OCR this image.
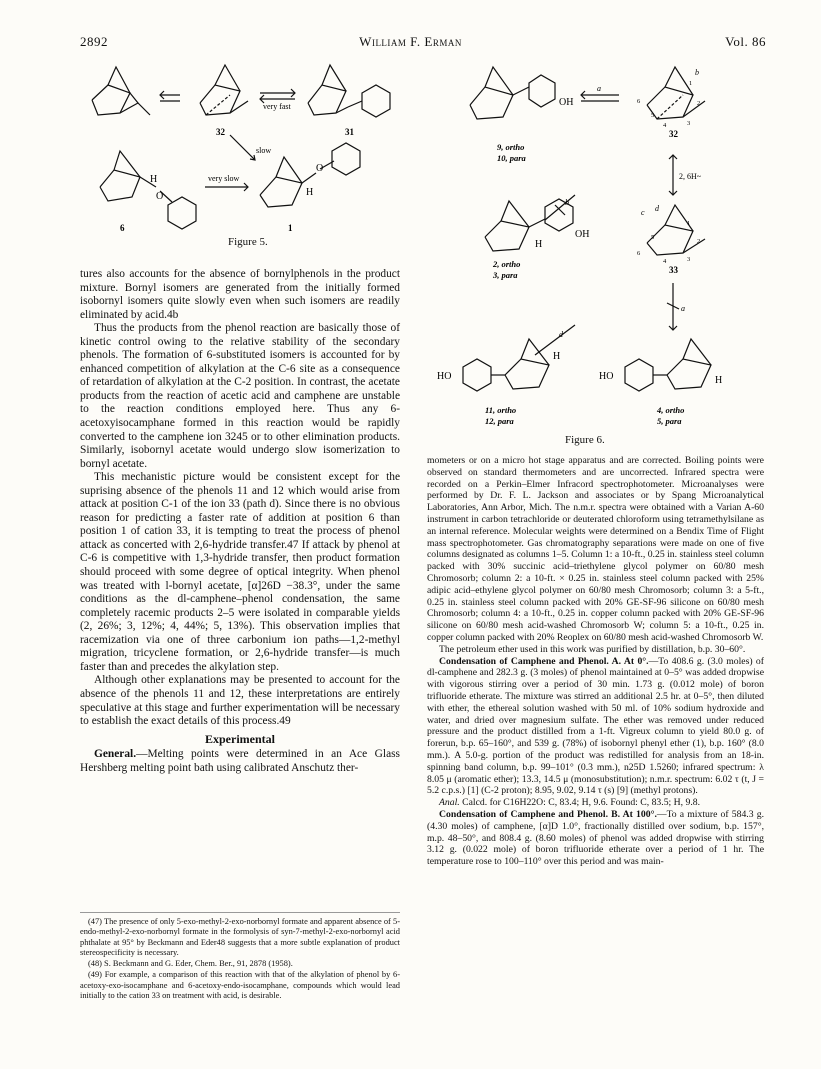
2892	William F. Erman	Vol. 86
32	31
6	1
very fast
slow
very slow
H
O	H
O
Figure 5.
9, ortho
10, para
32
2, ortho
3, para	33
11, ortho
12, para
4, ortho
5, para
a
b
2, 6H~
c d
a
b
d
OH
OH
H
HO
H
HO	H
6
1
2
3
4
5
2
1
3
4
6
5
Figure 6.

tures also accounts for the absence of bornylphenols in the product mixture. Bornyl isomers are generated from the initially formed isobornyl isomers quite slowly even when such isomers are readily eliminated by acid.4b

Thus the products from the phenol reaction are basically those of kinetic control owing to the relative stability of the secondary phenols. The formation of 6-substituted isomers is accounted for by enhanced competition of alkylation at the C-6 site as a consequence of retardation of alkylation at the C-2 position. In contrast, the acetate products from the reaction of acetic acid and camphene are unstable to the reaction conditions employed here. Thus any 6-acetoxyisocamphane formed in this reaction would be rapidly converted to the camphene ion 3245 or to other elimination products. Similarly, isobornyl acetate would undergo slow isomerization to bornyl acetate.

This mechanistic picture would be consistent except for the suprising absence of the phenols 11 and 12 which would arise from attack at position C-1 of the ion 33 (path d). Since there is no obvious reason for predicting a faster rate of addition at position 6 than position 1 of cation 33, it is tempting to treat the process of phenol attack as concerted with 2,6-hydride transfer.47 If attack by phenol at C-6 is competitive with 1,3-hydride transfer, then product formation should proceed with some degree of optical integrity. When phenol was treated with l-bornyl acetate, [α]26D −38.3°, under the same conditions as the dl-camphene–phenol condensation, the same completely racemic products 2–5 were isolated in comparable yields (2, 26%; 3, 12%; 4, 44%; 5, 13%). This observation implies that racemization via one of three carbonium ion paths—1,2-methyl migration, tricyclene formation, or 2,6-hydride transfer—is much faster than and precedes the alkylation step.

Although other explanations may be presented to account for the absence of the phenols 11 and 12, these interpretations are entirely speculative at this stage and further experimentation will be necessary to establish the exact details of this process.49

Experimental

General.—Melting points were determined in an Ace Glass Hershberg melting point bath using calibrated Anschutz ther-

(47) The presence of only 5-exo-methyl-2-exo-norbornyl formate and apparent absence of 5-endo-methyl-2-exo-norbornyl formate in the formolysis of syn-7-methyl-2-exo-norbornyl acid phthalate at 95° by Beckmann and Eder48 suggests that a more subtle explanation of product stereospecificity is necessary.

(48) S. Beckmann and G. Eder, Chem. Ber., 91, 2878 (1958).

(49) For example, a comparison of this reaction with that of the alkylation of phenol by 6-acetoxy-exo-isocamphane and 6-acetoxy-endo-isocamphane, compounds which would lead initially to the cation 33 on treatment with acid, is desirable.

mometers or on a micro hot stage apparatus and are corrected. Boiling points were observed on standard thermometers and are uncorrected. Infrared spectra were recorded on a Perkin–Elmer Infracord spectrophotometer. Microanalyses were performed by Dr. F. L. Jackson and associates or by Spang Microanalytical Laboratories, Ann Arbor, Mich. The n.m.r. spectra were obtained with a Varian A-60 instrument in carbon tetrachloride or deuterated chloroform using tetramethylsilane as an internal reference. Molecular weights were determined on a Bendix Time of Flight mass spectrophotometer. Gas chromatography separations were made on one of five columns designated as columns 1–5. Column 1: a 10-ft., 0.25 in. stainless steel column packed with 30% succinic acid–triethylene glycol polymer on 60/80 mesh Chromosorb; column 2: a 10-ft. × 0.25 in. stainless steel column packed with 25% adipic acid–ethylene glycol polymer on 60/80 mesh Chromosorb; column 3: a 5-ft., 0.25 in. stainless steel column packed with 20% GE-SF-96 silicone on 60/80 mesh Chromosorb; column 4: a 10-ft., 0.25 in. copper column packed with 20% GE-SF-96 silicone on 60/80 mesh acid-washed Chromosorb W; column 5: a 10-ft., 0.25 in. copper column packed with 20% Reoplex on 60/80 mesh acid-washed Chromosorb W.

The petroleum ether used in this work was purified by distillation, b.p. 30–60°.

Condensation of Camphene and Phenol. A. At 0°.—To 408.6 g. (3.0 moles) of dl-camphene and 282.3 g. (3 moles) of phenol maintained at 0–5° was added dropwise with vigorous stirring over a period of 30 min. 1.73 g. (0.012 mole) of boron trifluoride etherate. The mixture was stirred an additional 2.5 hr. at 0–5°, then diluted with ether, the ethereal solution washed with 50 ml. of 10% sodium hydroxide and water, and dried over magnesium sulfate. The ether was removed under reduced pressure and the product distilled from a 1-ft. Vigreux column to yield 80.0 g. of forerun, b.p. 65–160°, and 539 g. (78%) of isobornyl phenyl ether (1), b.p. 160° (8.0 mm.). A 5.0-g. portion of the product was redistilled for analysis from an 18-in. spinning band column, b.p. 99–101° (0.3 mm.), n25D 1.5260; infrared spectrum: λ 8.05 μ (aromatic ether); 13.3, 14.5 μ (monosubstitution); n.m.r. spectrum: 6.02 τ (t, J = 5.2 c.p.s.) [1] (C-2 proton); 8.95, 9.02, 9.14 τ (s) [9] (methyl protons).

Anal. Calcd. for C16H22O: C, 83.4; H, 9.6. Found: C, 83.5; H, 9.8.

Condensation of Camphene and Phenol. B. At 100°.—To a mixture of 584.3 g. (4.30 moles) of camphene, [α]D 1.0°, fractionally distilled over sodium, b.p. 157°, m.p. 48–50°, and 808.4 g. (8.60 moles) of phenol was added dropwise with stirring 3.12 g. (0.022 mole) of boron trifluoride etherate over a period of 1 hr. The temperature rose to 100–110° over this period and was main-
